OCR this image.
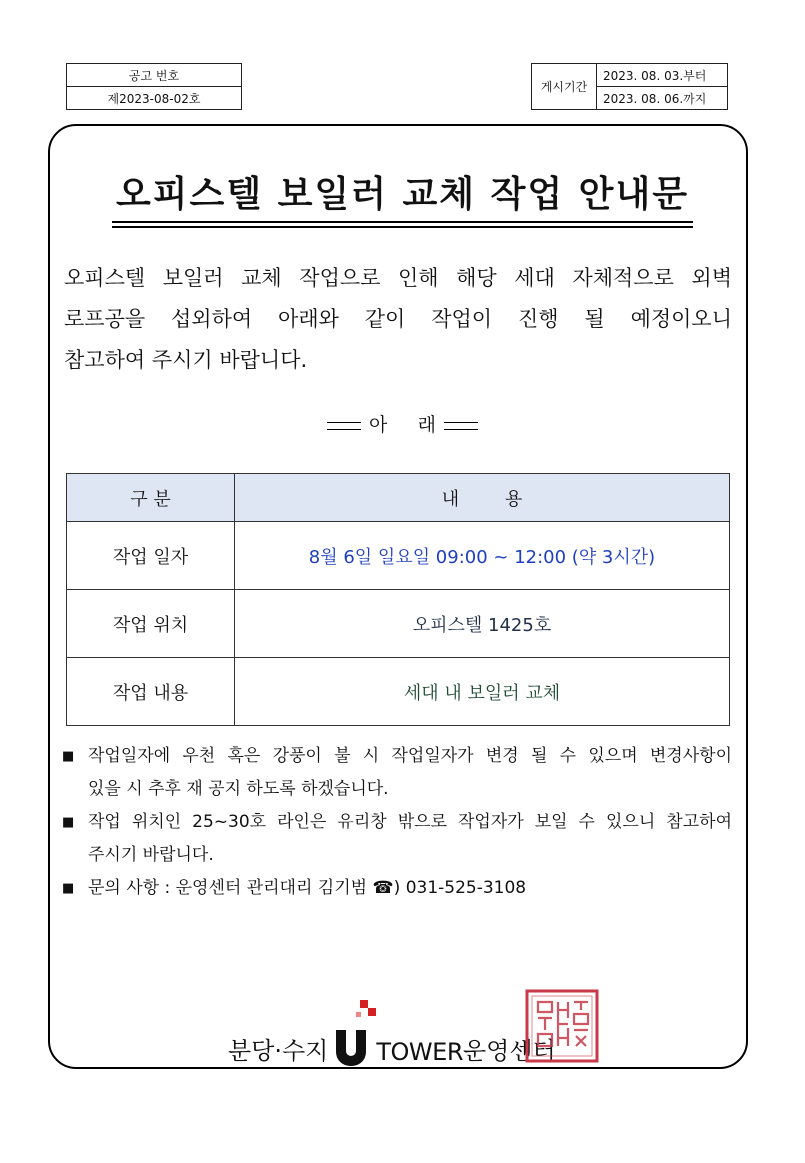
공고 번호
제2023-08-02호
게시기간	2023. 08. 03.부터
2023. 08. 06.까지
오피스텔 보일러 교체 작업 안내문
오피스텔 보일러 교체 작업으로 인해 해당 세대 자체적으로 외벽
로프공을 섭외하여 아래와 같이 작업이 진행 될 예정이오니
참고하여 주시기 바랍니다.
아     래
구 분	내        용
작업 일자	8월 6일 일요일 09:00 ~ 12:00 (약 3시간)
작업 위치	오피스텔 1425호
작업 내용	세대 내 보일러 교체
■ 작업일자에 우천 혹은 강풍이 불 시 작업일자가 변경 될 수 있으며 변경사항이
있을 시 추후 재 공지 하도록 하겠습니다.
■ 작업 위치인 25~30호 라인은 유리창 밖으로 작업자가 보일 수 있으니 참고하여
주시기 바랍니다.
■ 문의 사항 : 운영센터 관리대리 김기범 ☎) 031-525-3108
분당·수지 TOWER 운영센터
